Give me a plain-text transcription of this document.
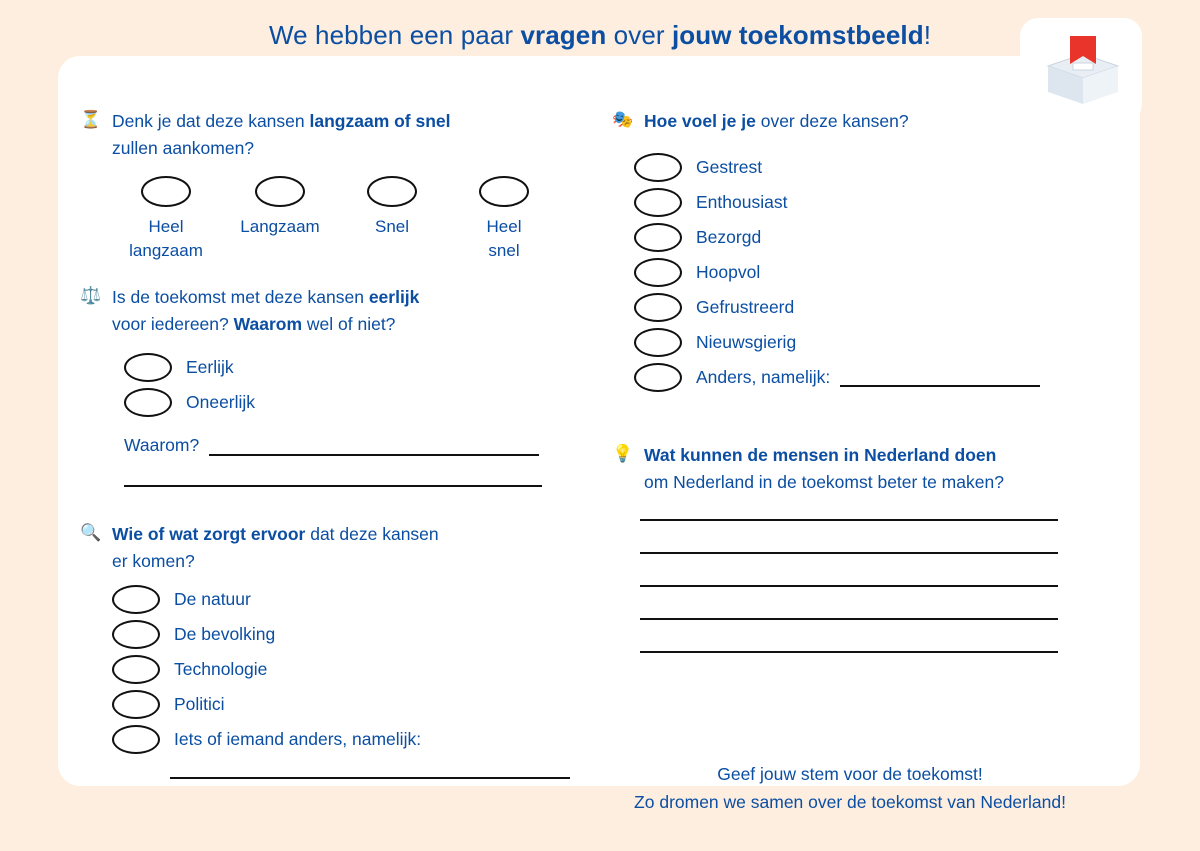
We hebben een paar vragen over jouw toekomstbeeld!
⏳ Denk je dat deze kansen langzaam of snel
zullen aankomen?
Heel
langzaam
Langzaam	Snel	Heel
snel
⚖️ Is de toekomst met deze kansen eerlijk
voor iedereen? Waarom wel of niet?
Eerlijk
Oneerlijk
Waarom?
🔍 Wie of wat zorgt ervoor dat deze kansen
er komen?
De natuur
De bevolking
Technologie
Politici
Iets of iemand anders, namelijk:
🎭 Hoe voel je je over deze kansen?
Gestrest
Enthousiast
Bezorgd
Hoopvol
Gefrustreerd
Nieuwsgierig
Anders, namelijk:
💡 Wat kunnen de mensen in Nederland doen
om Nederland in de toekomst beter te maken?
Geef jouw stem voor de toekomst!
Zo dromen we samen over de toekomst van Nederland!
